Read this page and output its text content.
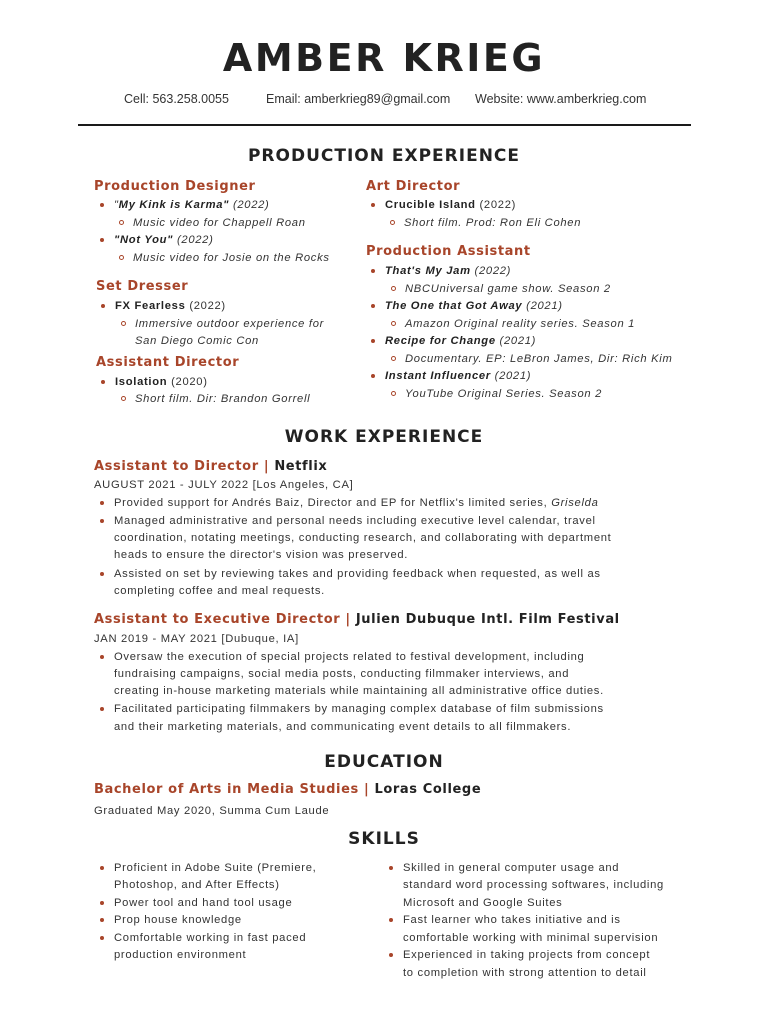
AMBER KRIEG
Cell: 563.258.0055	Email: amberkrieg89@gmail.com Website: www.amberkrieg.com
PRODUCTION EXPERIENCE
Production Designer
"My Kink is Karma" (2022)
Music video for Chappell Roan
"Not You" (2022)
Music video for Josie on the Rocks
Set Dresser
FX Fearless (2022)
Immersive outdoor experience for
San Diego Comic Con
Assistant Director
Isolation (2020)
Short film. Dir: Brandon Gorrell
Art Director
Crucible Island (2022)
Short film. Prod: Ron Eli Cohen
Production Assistant
That's My Jam (2022)
NBCUniversal game show. Season 2
The One that Got Away (2021)
Amazon Original reality series. Season 1
Recipe for Change (2021)
Documentary. EP: LeBron James, Dir: Rich Kim
Instant Influencer (2021)
YouTube Original Series. Season 2
WORK EXPERIENCE
Assistant to Director | Netflix
AUGUST 2021 - JULY 2022 [Los Angeles, CA]
Provided support for Andrés Baiz, Director and EP for Netflix's limited series, Griselda
Managed administrative and personal needs including executive level calendar, travel
coordination, notating meetings, conducting research, and collaborating with department
heads to ensure the director's vision was preserved.
Assisted on set by reviewing takes and providing feedback when requested, as well as
completing coffee and meal requests.
Assistant to Executive Director | Julien Dubuque Intl. Film Festival
JAN 2019 - MAY 2021 [Dubuque, IA]
Oversaw the execution of special projects related to festival development, including
fundraising campaigns, social media posts, conducting filmmaker interviews, and
creating in-house marketing materials while maintaining all administrative office duties.
Facilitated participating filmmakers by managing complex database of film submissions
and their marketing materials, and communicating event details to all filmmakers.
EDUCATION
Bachelor of Arts in Media Studies | Loras College
Graduated May 2020, Summa Cum Laude
SKILLS
Proficient in Adobe Suite (Premiere,
Photoshop, and After Effects)
Power tool and hand tool usage
Prop house knowledge
Comfortable working in fast paced
production environment
Skilled in general computer usage and
standard word processing softwares, including
Microsoft and Google Suites
Fast learner who takes initiative and is
comfortable working with minimal supervision
Experienced in taking projects from concept
to completion with strong attention to detail
